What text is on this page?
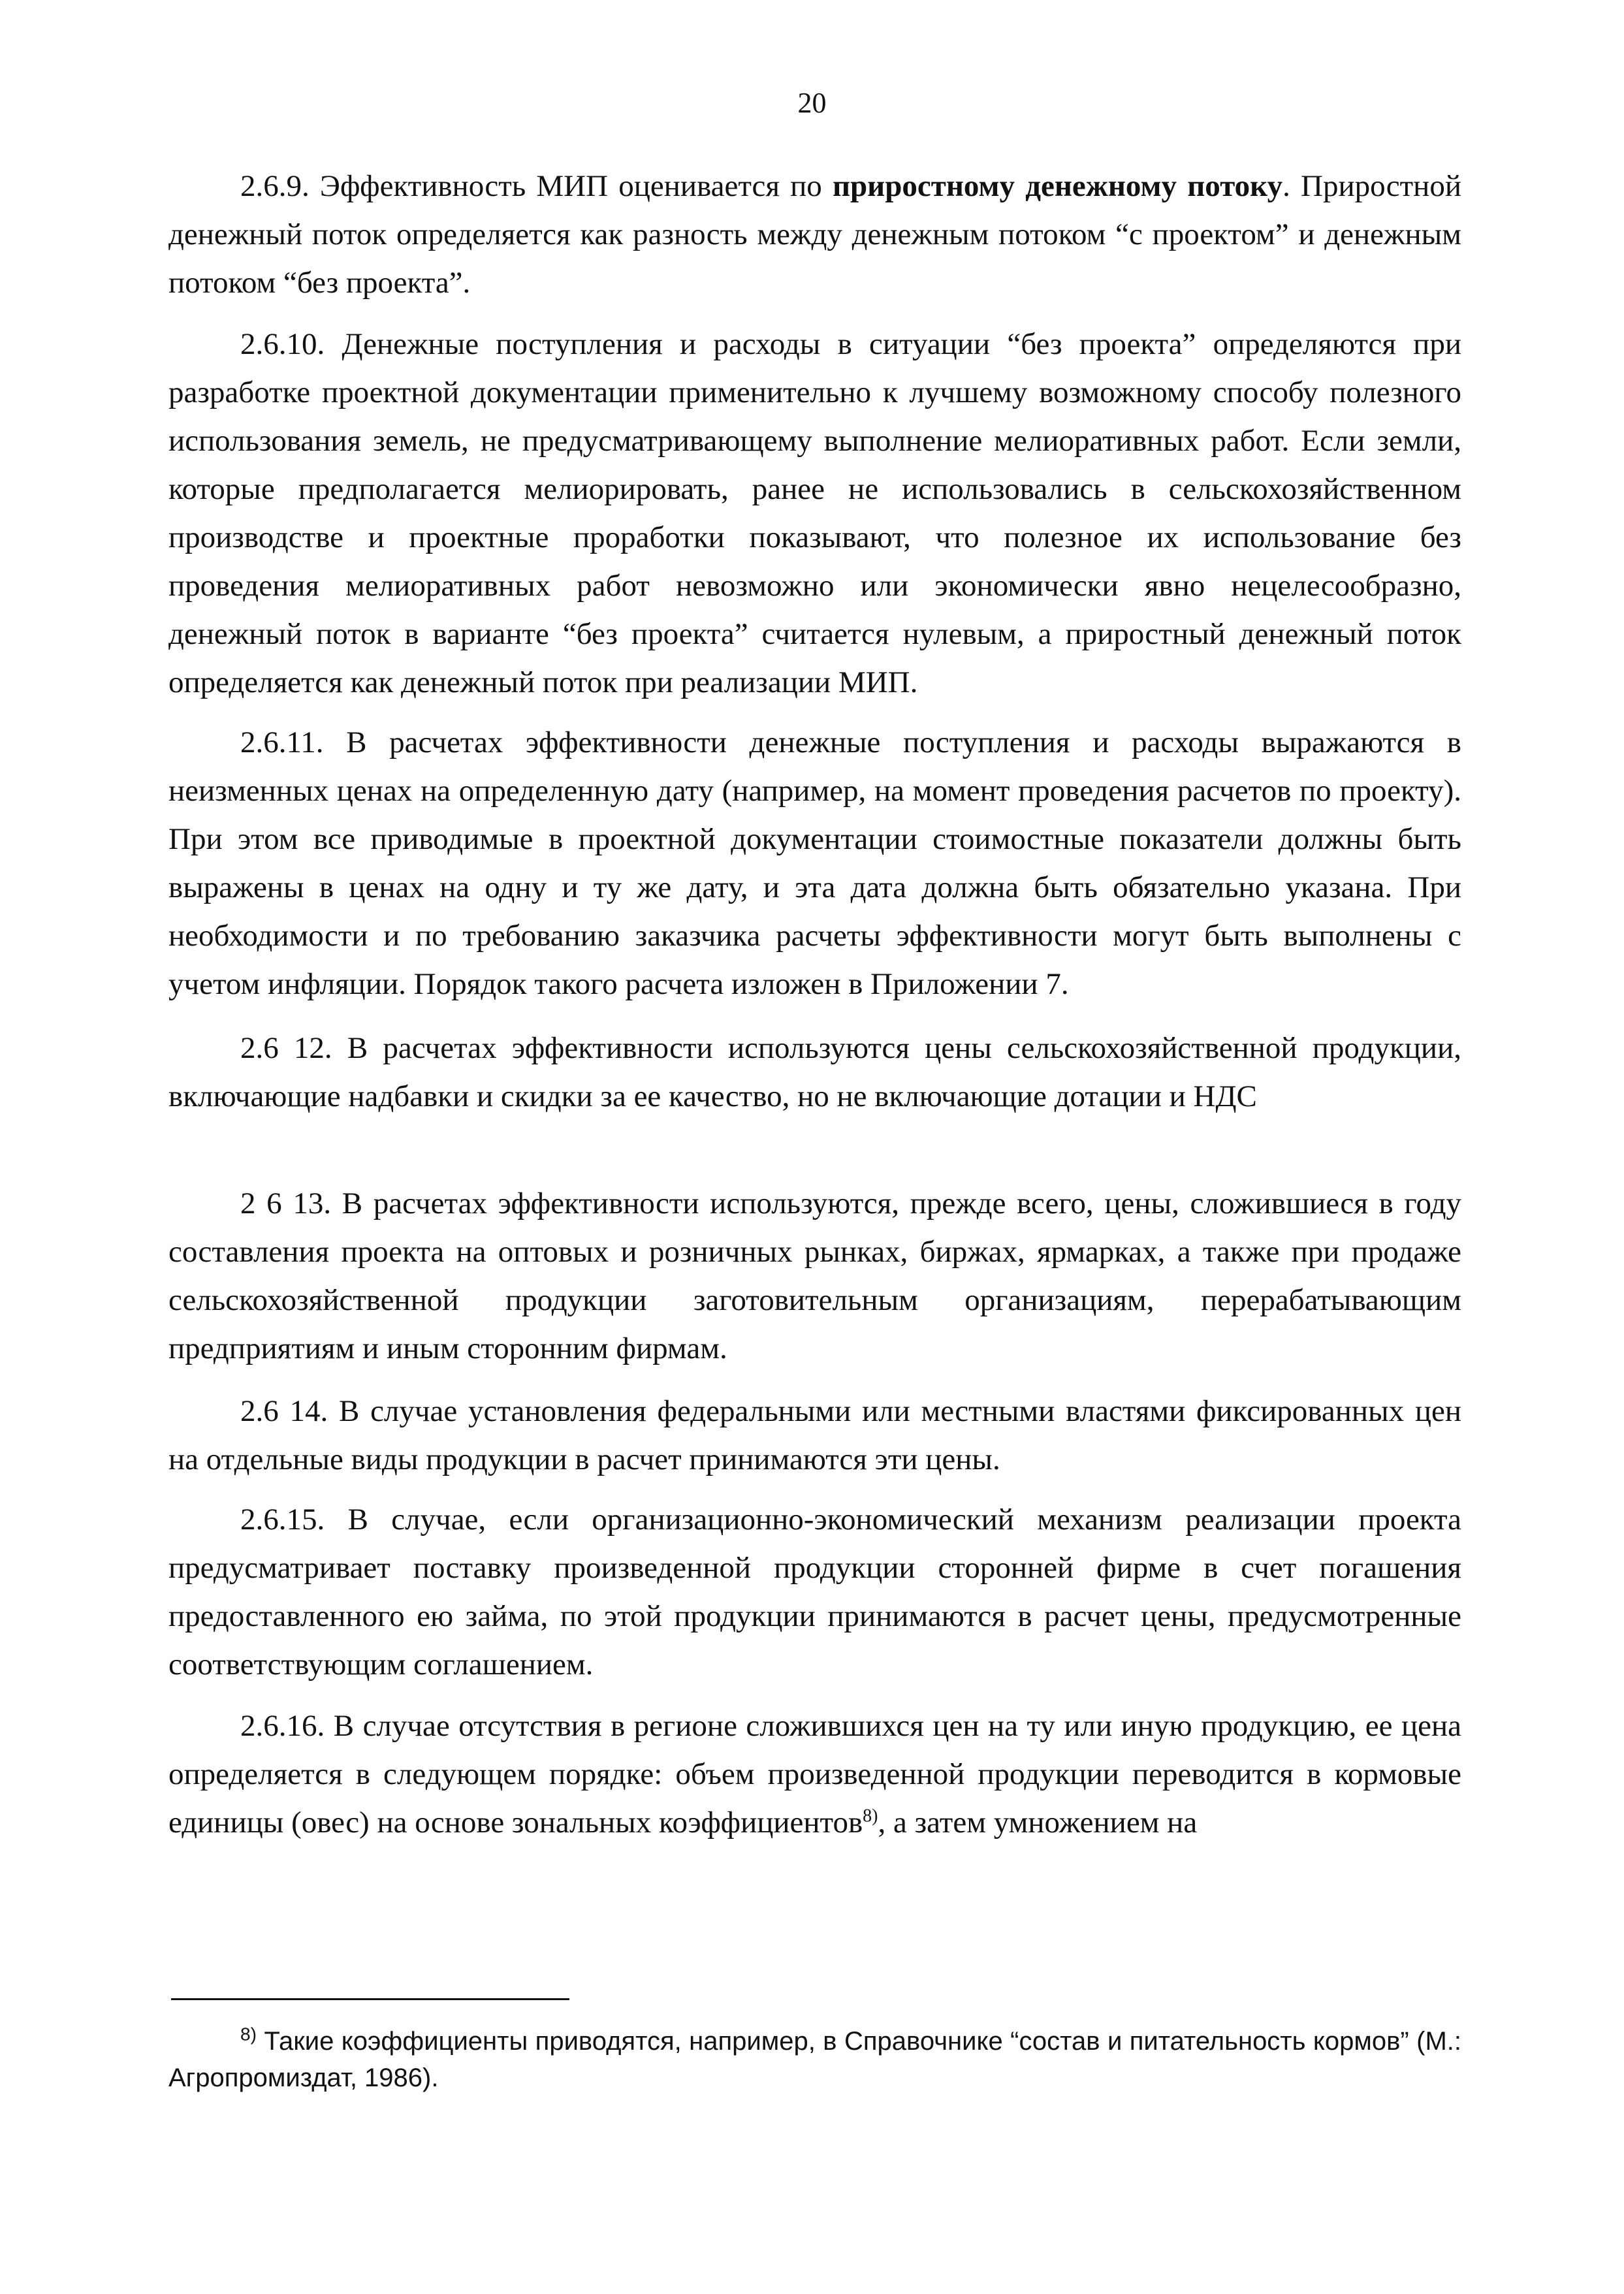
20

2.6.9. Эффективность МИП оценивается по приростному денежному потоку. Приростной денежный поток определяется как разность между денежным потоком “с проектом” и денежным потоком “без проекта”.

2.6.10. Денежные поступления и расходы в ситуации “без проекта” определяются при разработке проектной документации применительно к лучшему возможному способу полезного использования земель, не предусматривающему выполнение мелиоративных работ. Если земли, которые предполагается мелиорировать, ранее не использовались в сельскохозяйственном производстве и проектные проработки показывают, что полезное их использование без проведения мелиоративных работ невозможно или экономически явно нецелесообразно, денежный поток в варианте “без проекта” считается нулевым, а приростный денежный поток определяется как денежный поток при реализации МИП.

2.6.11. В расчетах эффективности денежные поступления и расходы выражаются в неизменных ценах на определенную дату (например, на момент проведения расчетов по проекту). При этом все приводимые в проектной документации стоимостные показатели должны быть выражены в ценах на одну и ту же дату, и эта дата должна быть обязательно указана. При необходимости и по требованию заказчика расчеты эффективности могут быть выполнены с учетом инфляции. Порядок такого расчета изложен в Приложении 7.

2.6 12. В расчетах эффективности используются цены сельскохозяйственной продукции, включающие надбавки и скидки за ее качество, но не включающие дотации и НДС

2 6 13. В расчетах эффективности используются, прежде всего, цены, сложившиеся в году составления проекта на оптовых и розничных рынках, биржах, ярмарках, а также при продаже сельскохозяйственной продукции заготовительным организациям, перерабатывающим предприятиям и иным сторонним фирмам.

2.6 14. В случае установления федеральными или местными властями фиксированных цен на отдельные виды продукции в расчет принимаются эти цены.

2.6.15. В случае, если организационно-экономический механизм реализации проекта предусматривает поставку произведенной продукции сторонней фирме в счет погашения предоставленного ею займа, по этой продукции принимаются в расчет цены, предусмотренные соответствующим соглашением.

2.6.16. В случае отсутствия в регионе сложившихся цен на ту или иную продукцию, ее цена определяется в следующем порядке: объем произведенной продукции переводится в кормовые единицы (овес) на основе зональных коэффициентов$^{8)}$, а затем умножением на

$^{8)}$ Такие коэффициенты приводятся, например, в Справочнике “состав и питательность кормов” (М.: Агропромиздат, 1986).
